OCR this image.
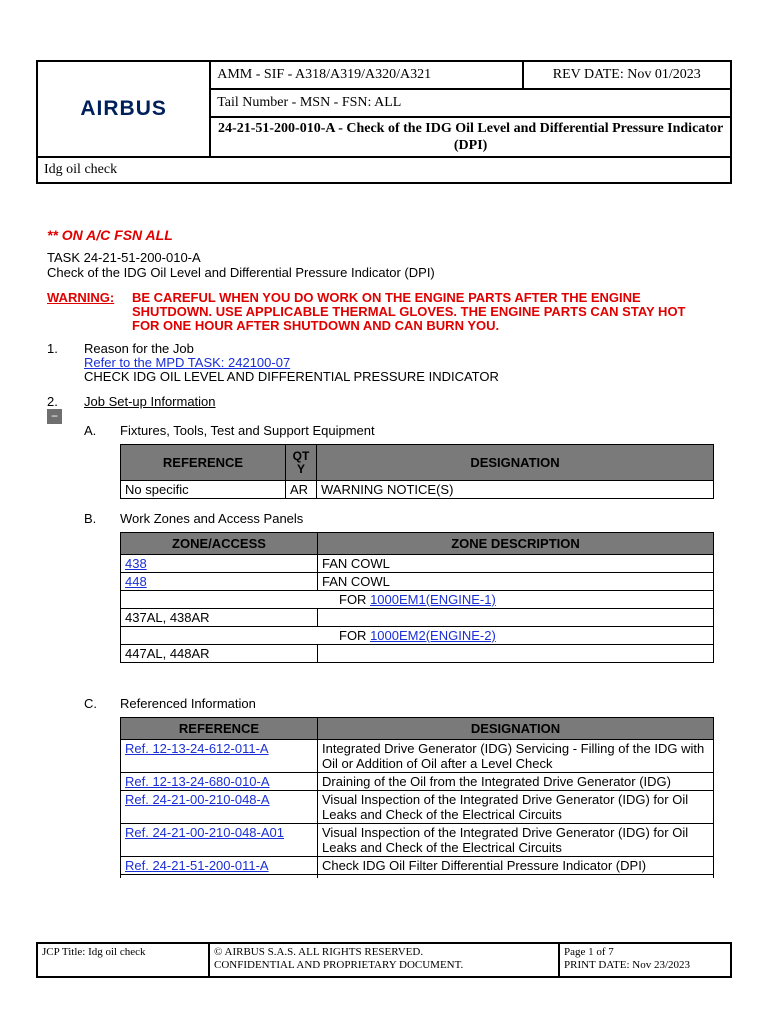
AIRBUS	AMM - SIF - A318/A319/A320/A321	REV DATE: Nov 01/2023
Tail Number - MSN - FSN: ALL
24-21-51-200-010-A - Check of the IDG Oil Level and Differential Pressure Indicator (DPI)
Idg oil check
** ON A/C FSN ALL
TASK 24-21-51-200-010-A
Check of the IDG Oil Level and Differential Pressure Indicator (DPI)
WARNING: BE CAREFUL WHEN YOU DO WORK ON THE ENGINE PARTS AFTER THE ENGINE
SHUTDOWN. USE APPLICABLE THERMAL GLOVES. THE ENGINE PARTS CAN STAY HOT
FOR ONE HOUR AFTER SHUTDOWN AND CAN BURN YOU.
1. Reason for the Job
Refer to the MPD TASK: 242100-07
CHECK IDG OIL LEVEL AND DIFFERENTIAL PRESSURE INDICATOR
2. Job Set-up Information
−
A. Fixtures, Tools, Test and Support Equipment
REFERENCE	QT Y	DESIGNATION
No specific	AR	WARNING NOTICE(S)
B. Work Zones and Access Panels
ZONE/ACCESS	ZONE DESCRIPTION
438	FAN COWL
448	FAN COWL
FOR 1000EM1(ENGINE-1)	
437AL, 438AR	
FOR 1000EM2(ENGINE-2)	
447AL, 448AR	
C. Referenced Information
REFERENCE	DESIGNATION
Ref. 12-13-24-612-011-A	Integrated Drive Generator (IDG) Servicing - Filling of the IDG with Oil or Addition of Oil after a Level Check
Ref. 12-13-24-680-010-A	Draining of the Oil from the Integrated Drive Generator (IDG)
Ref. 24-21-00-210-048-A	Visual Inspection of the Integrated Drive Generator (IDG) for Oil Leaks and Check of the Electrical Circuits
Ref. 24-21-00-210-048-A01	Visual Inspection of the Integrated Drive Generator (IDG) for Oil Leaks and Check of the Electrical Circuits
Ref. 24-21-51-200-011-A	Check IDG Oil Filter Differential Pressure Indicator (DPI)

JCP Title: Idg oil check	© AIRBUS S.A.S. ALL RIGHTS RESERVED.
CONFIDENTIAL AND PROPRIETARY DOCUMENT.

Page 1 of 7
PRINT DATE: Nov 23/2023
